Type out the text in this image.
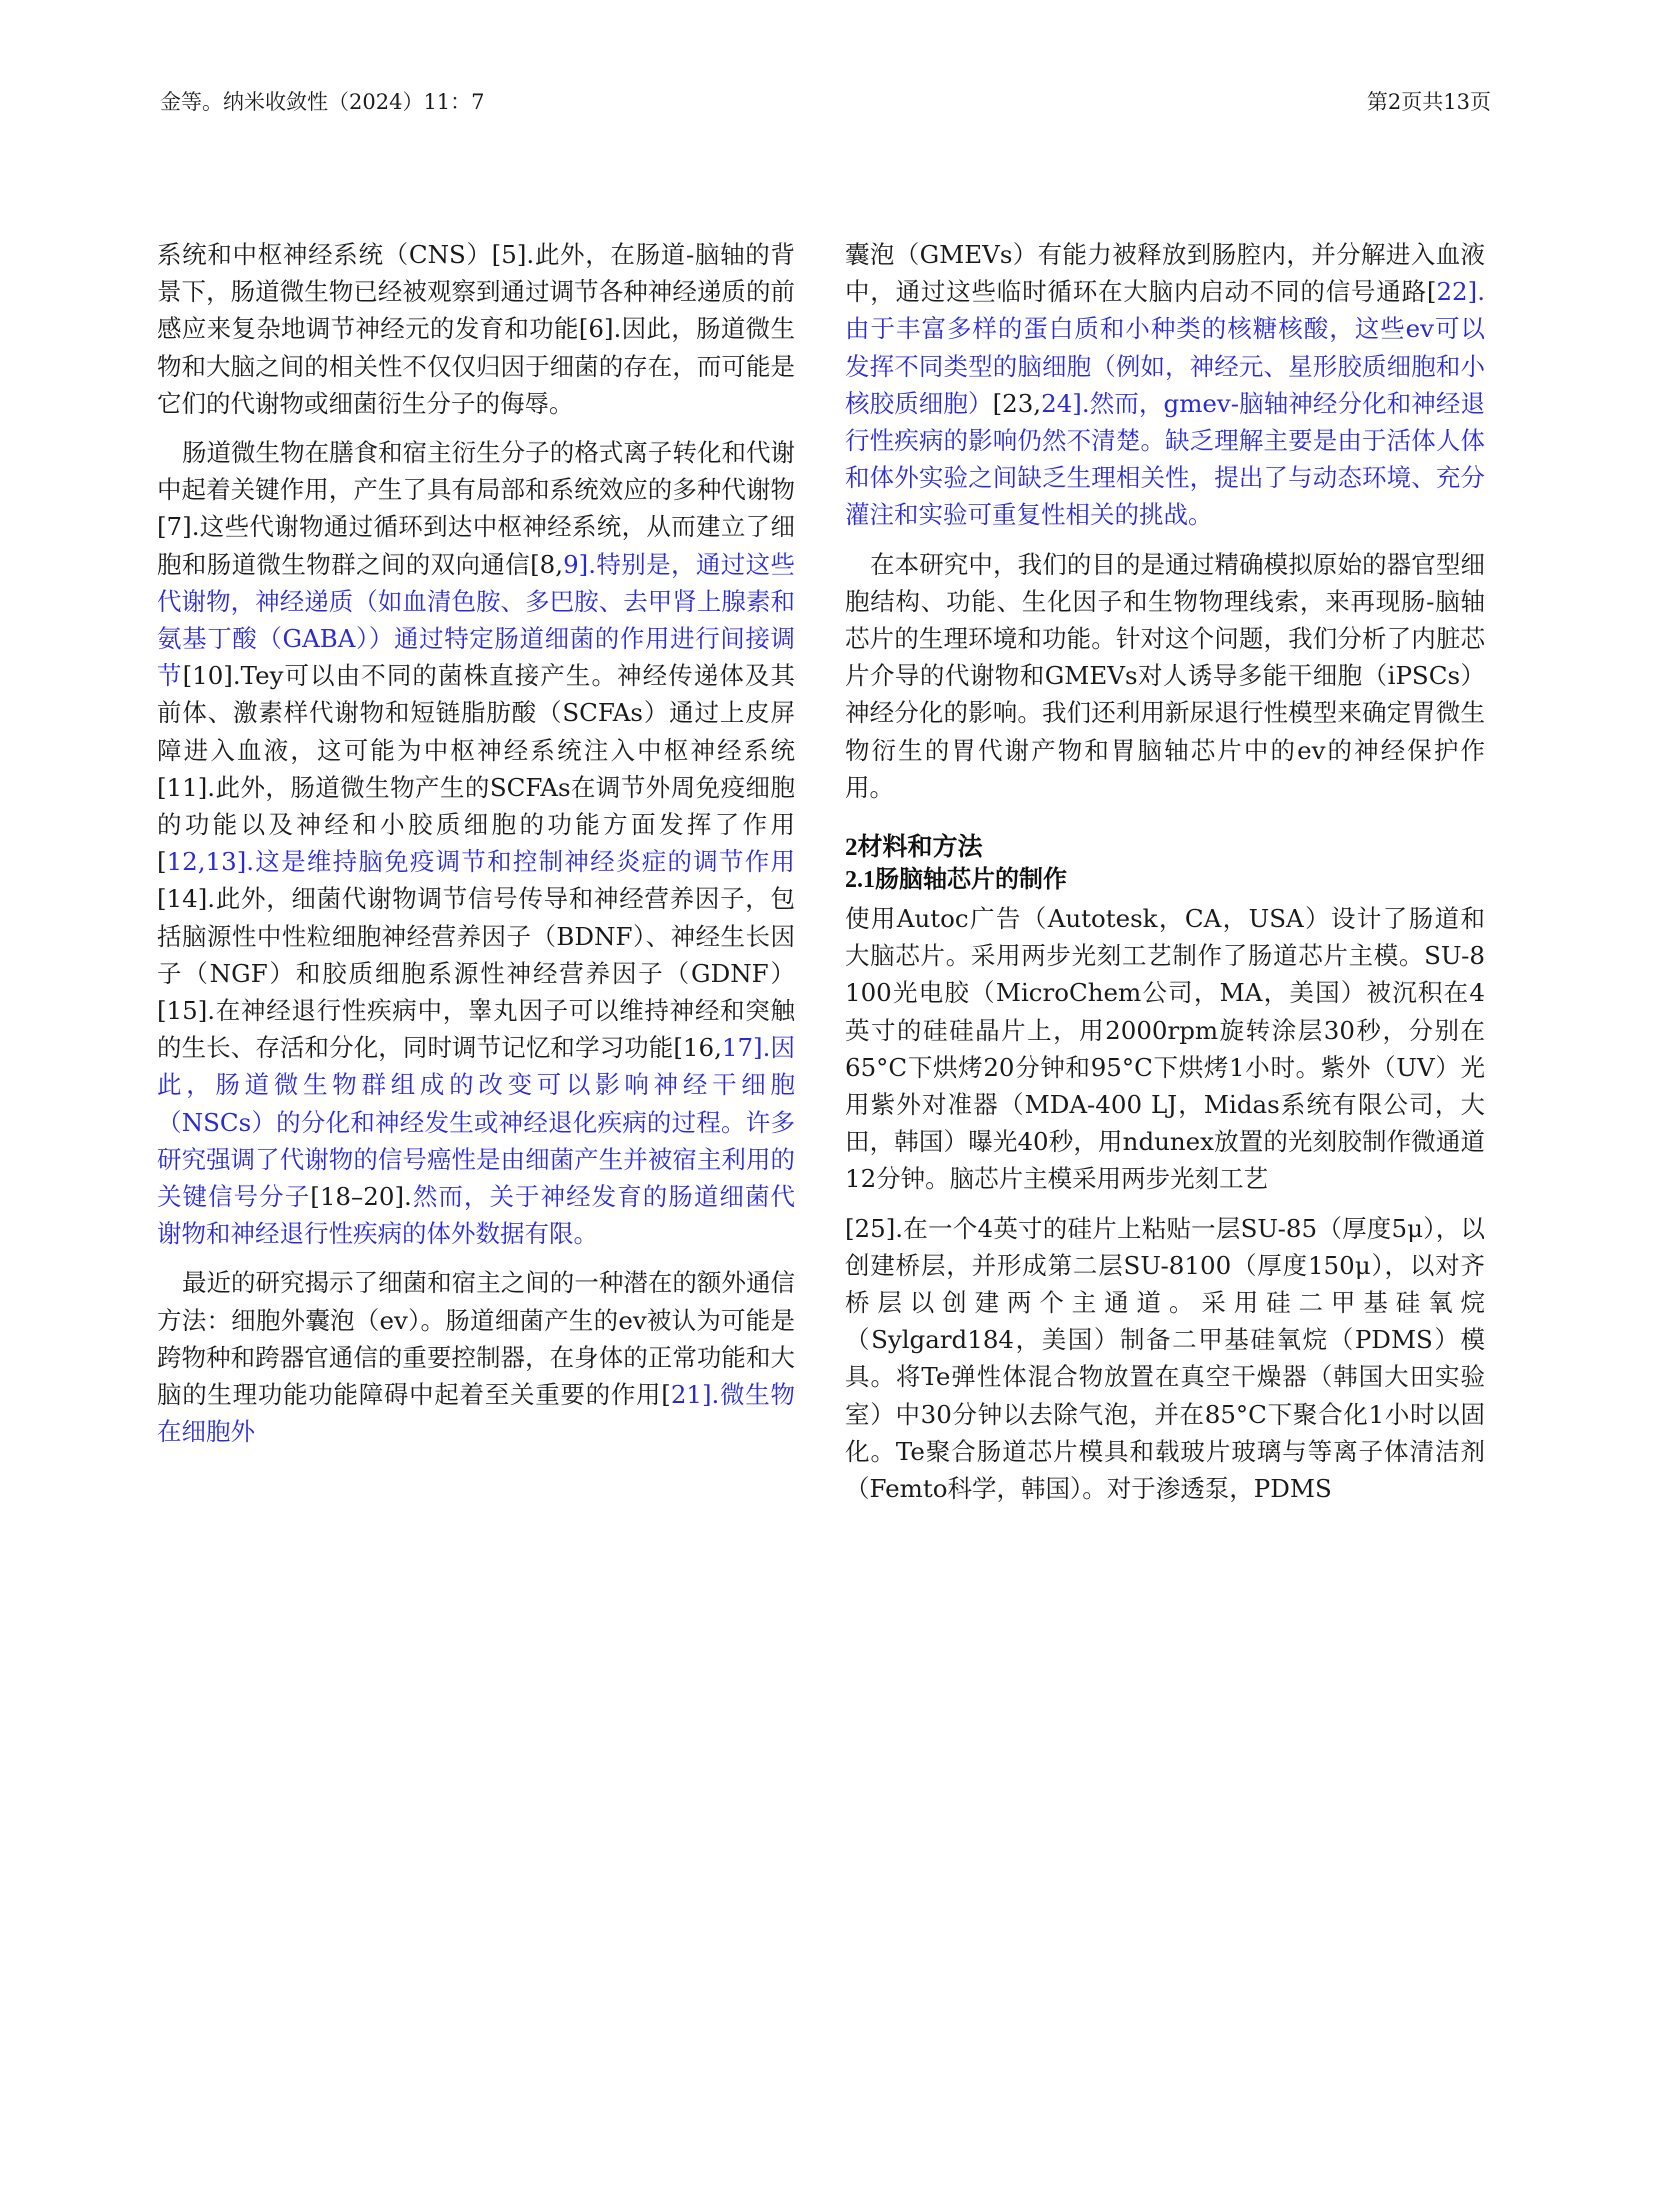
金等。纳米收敛性（2024）11：7	第2页共13页

系统和中枢神经系统（CNS）[5].此外，在肠道-脑轴的背景下，肠道微生物已经被观察到通过调节各种神经递质的前感应来复杂地调节神经元的发育和功能[6].因此，肠道微生物和大脑之间的相关性不仅仅归因于细菌的存在，而可能是它们的代谢物或细菌衍生分子的侮辱。

肠道微生物在膳食和宿主衍生分子的格式离子转化和代谢中起着关键作用，产生了具有局部和系统效应的多种代谢物[7].这些代谢物通过循环到达中枢神经系统，从而建立了细胞和肠道微生物群之间的双向通信[8,9].特别是，通过这些代谢物，神经递质（如血清色胺、多巴胺、去甲肾上腺素和氨基丁酸（GABA））通过特定肠道细菌的作用进行间接调节[10].Tey可以由不同的菌株直接产生。神经传递体及其前体、激素样代谢物和短链脂肪酸（SCFAs）通过上皮屏障进入血液，这可能为中枢神经系统注入中枢神经系统[11].此外，肠道微生物产生的SCFAs在调节外周免疫细胞的功能以及神经和小胶质细胞的功能方面发挥了作用[12,13].这是维持脑免疫调节和控制神经炎症的调节作用[14].此外，细菌代谢物调节信号传导和神经营养因子，包括脑源性中性粒细胞神经营养因子（BDNF）、神经生长因子（NGF）和胶质细胞系源性神经营养因子（GDNF）[15].在神经退行性疾病中，睾丸因子可以维持神经和突触的生长、存活和分化，同时调节记忆和学习功能[16,17].因此，肠道微生物群组成的改变可以影响神经干细胞（NSCs）的分化和神经发生或神经退化疾病的过程。许多研究强调了代谢物的信号癌性是由细菌产生并被宿主利用的关键信号分子[18–20].然而，关于神经发育的肠道细菌代谢物和神经退行性疾病的体外数据有限。

最近的研究揭示了细菌和宿主之间的一种潜在的额外通信方法：细胞外囊泡（ev）。肠道细菌产生的ev被认为可能是跨物种和跨器官通信的重要控制器，在身体的正常功能和大脑的生理功能功能障碍中起着至关重要的作用[21].微生物在细胞外

囊泡（GMEVs）有能力被释放到肠腔内，并分解进入血液中，通过这些临时循环在大脑内启动不同的信号通路[22].由于丰富多样的蛋白质和小种类的核糖核酸，这些ev可以发挥不同类型的脑细胞（例如，神经元、星形胶质细胞和小核胶质细胞）[23,24].然而，gmev-脑轴神经分化和神经退行性疾病的影响仍然不清楚。缺乏理解主要是由于活体人体和体外实验之间缺乏生理相关性，提出了与动态环境、充分灌注和实验可重复性相关的挑战。

在本研究中，我们的目的是通过精确模拟原始的器官型细胞结构、功能、生化因子和生物物理线索，来再现肠-脑轴芯片的生理环境和功能。针对这个问题，我们分析了内脏芯片介导的代谢物和GMEVs对人诱导多能干细胞（iPSCs）神经分化的影响。我们还利用新尿退行性模型来确定胃微生物衍生的胃代谢产物和胃脑轴芯片中的ev的神经保护作用。

2材料和方法
2.1肠脑轴芯片的制作

使用Autoc广告（Autotesk，CA，USA）设计了肠道和大脑芯片。采用两步光刻工艺制作了肠道芯片主模。SU-8 100光电胶（MicroChem公司，MA，美国）被沉积在4英寸的硅硅晶片上，用2000rpm旋转涂层30秒，分别在65°C下烘烤20分钟和95°C下烘烤1小时。紫外（UV）光用紫外对准器（MDA-400 LJ，Midas系统有限公司，大田，韩国）曝光40秒，用ndunex放置的光刻胶制作微通道12分钟。脑芯片主模采用两步光刻工艺

[25].在一个4英寸的硅片上粘贴一层SU-85（厚度5μ），以创建桥层，并形成第二层SU-8100（厚度150μ），以对齐桥层以创建两个主通道。采用硅二甲基硅氧烷（Sylgard184，美国）制备二甲基硅氧烷（PDMS）模具。将Te弹性体混合物放置在真空干燥器（韩国大田实验室）中30分钟以去除气泡，并在85°C下聚合化1小时以固化。Te聚合肠道芯片模具和载玻片玻璃与等离子体清洁剂（Femto科学，韩国）。对于渗透泵，PDMS
